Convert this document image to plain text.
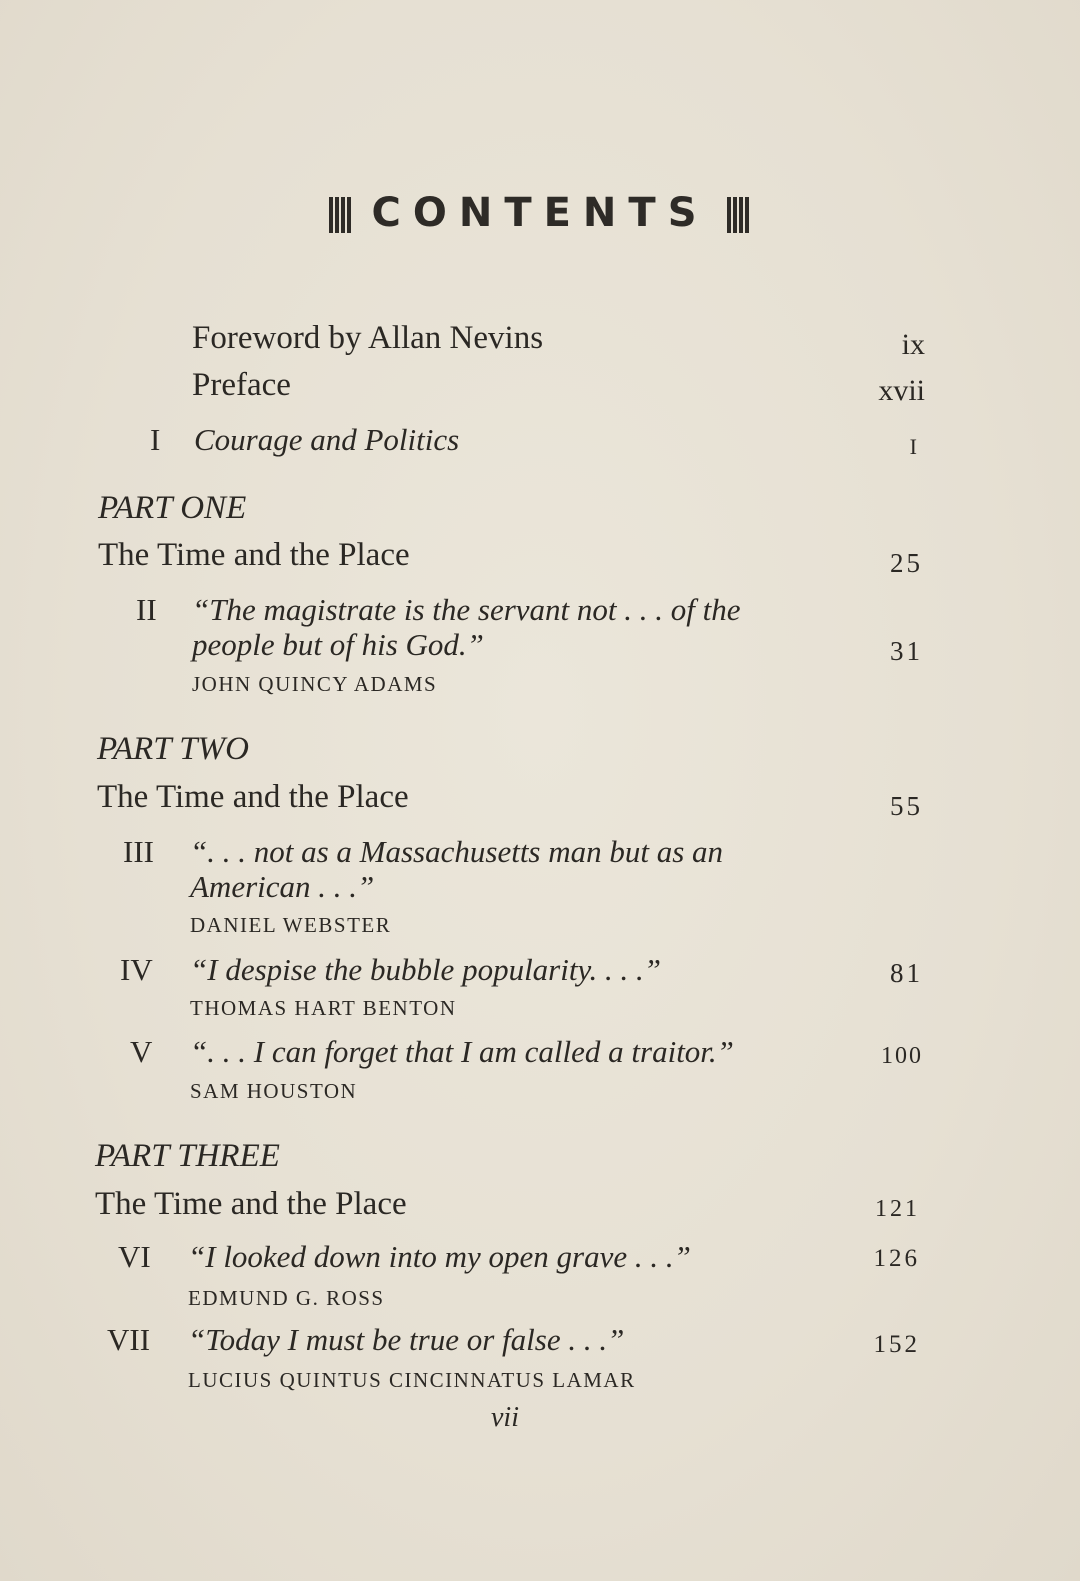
CONTENTS
Foreword by Allan Nevins	ix
Preface	xvii
I Courage and Politics	I
PART ONE
The Time and the Place	25
II “The magistrate is the servant not . . . of the
people but of his God.”	31
JOHN QUINCY ADAMS
PART TWO
The Time and the Place	55
III “. . . not as a Massachusetts man but as an
American . . .”
DANIEL WEBSTER
IV “I despise the bubble popularity. . . .”	81
THOMAS HART BENTON
V “. . . I can forget that I am called a traitor.”	100
SAM HOUSTON
PART THREE
The Time and the Place	121
VI “I looked down into my open grave . . .”	126
EDMUND G. ROSS
VII “Today I must be true or false . . .”	152
LUCIUS QUINTUS CINCINNATUS LAMAR
vii
